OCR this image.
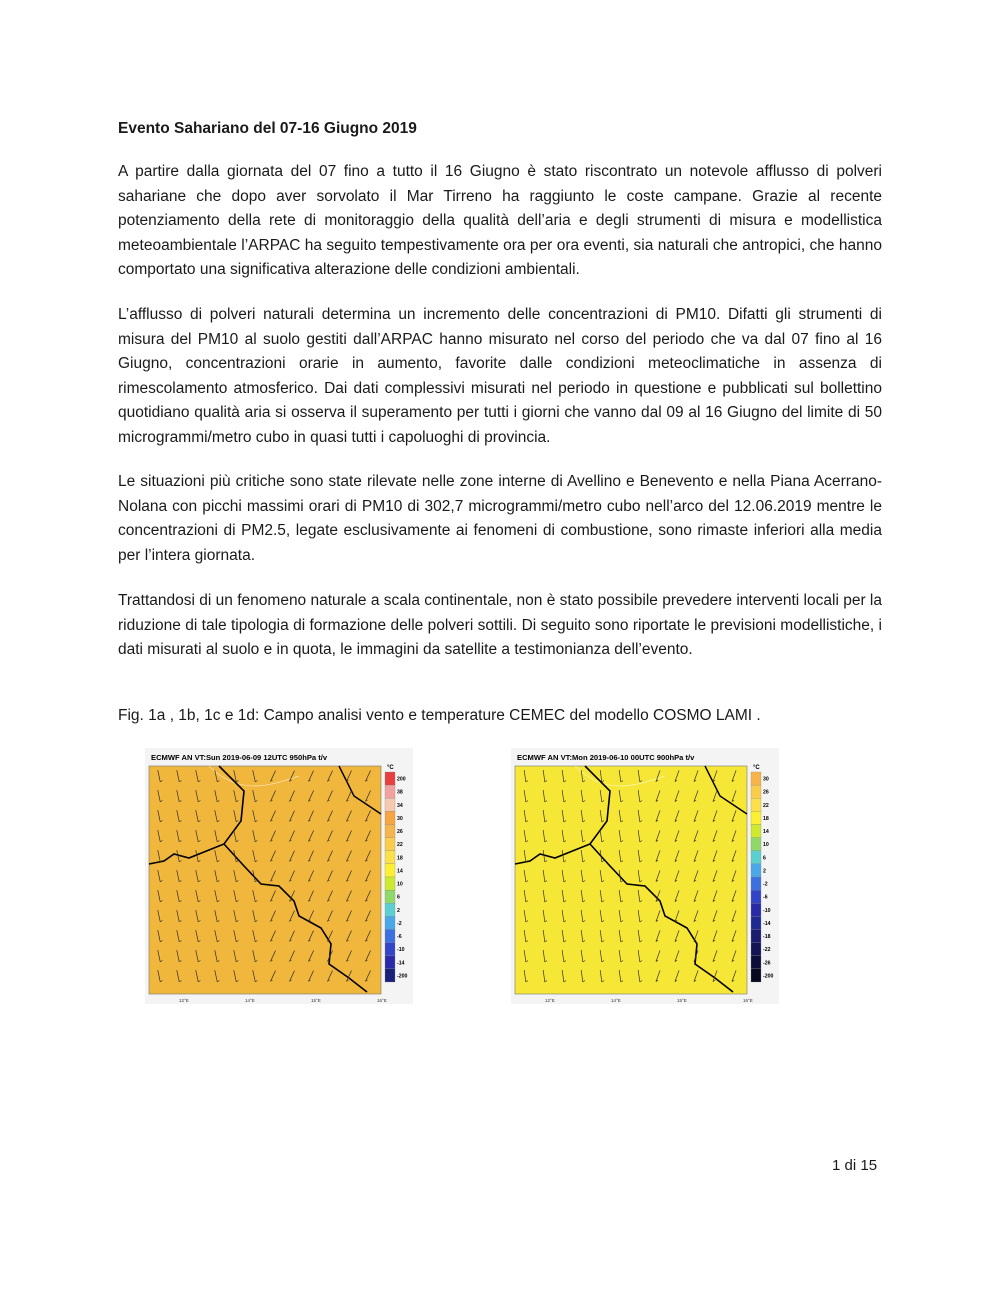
Evento Sahariano del 07-16 Giugno 2019

A partire dalla giornata del 07 fino a tutto il 16 Giugno è stato riscontrato un notevole afflusso di polveri sahariane che dopo aver sorvolato il Mar Tirreno ha raggiunto le coste campane. Grazie al recente potenziamento della rete di monitoraggio della qualità dell’aria e degli strumenti di misura e modellistica meteoambientale l’ARPAC ha seguito tempestivamente ora per ora eventi, sia naturali che antropici, che hanno comportato una significativa alterazione delle condizioni ambientali.

L’afflusso di polveri naturali determina un incremento delle concentrazioni di PM10. Difatti gli strumenti di misura del PM10 al suolo gestiti dall’ARPAC hanno misurato nel corso del periodo che va dal 07 fino al 16 Giugno, concentrazioni orarie in aumento, favorite dalle condizioni meteoclimatiche in assenza di rimescolamento atmosferico. Dai dati complessivi misurati nel periodo in questione e pubblicati sul bollettino quotidiano qualità aria si osserva il superamento per tutti i giorni che vanno dal 09 al 16 Giugno del limite di 50 microgrammi/metro cubo in quasi tutti i capoluoghi di provincia.

Le situazioni più critiche sono state rilevate nelle zone interne di Avellino e Benevento e nella Piana Acerrano-Nolana con picchi massimi orari di PM10 di 302,7 microgrammi/metro cubo nell’arco del 12.06.2019 mentre le concentrazioni di PM2.5, legate esclusivamente ai fenomeni di combustione, sono rimaste inferiori alla media per l’intera giornata.

Trattandosi di un fenomeno naturale a scala continentale, non è stato possibile prevedere interventi locali per la riduzione di tale tipologia di formazione delle polveri sottili. Di seguito sono riportate le previsioni modellistiche, i dati misurati al suolo e in quota, le immagini da satellite a testimonianza dell’evento.

Fig. 1a , 1b, 1c e 1d: Campo analisi vento e temperature CEMEC del modello COSMO LAMI .

ECMWF AN VT:Sun 2019-06-09 12UTC 950hPa t/v
12°E	14°E	15°E	16°E
°C
200
38
34
30
26
22
18
14
10
6
2
-2
-6
-10
-14
-200
ECMWF AN VT:Mon 2019-06-10 00UTC 900hPa t/v
12°E	14°E	15°E	16°E
°C
30
26
22
18
14
10
6
2
-2
-6
-10
-14
-18
-22
-26
-200

1 di 15
